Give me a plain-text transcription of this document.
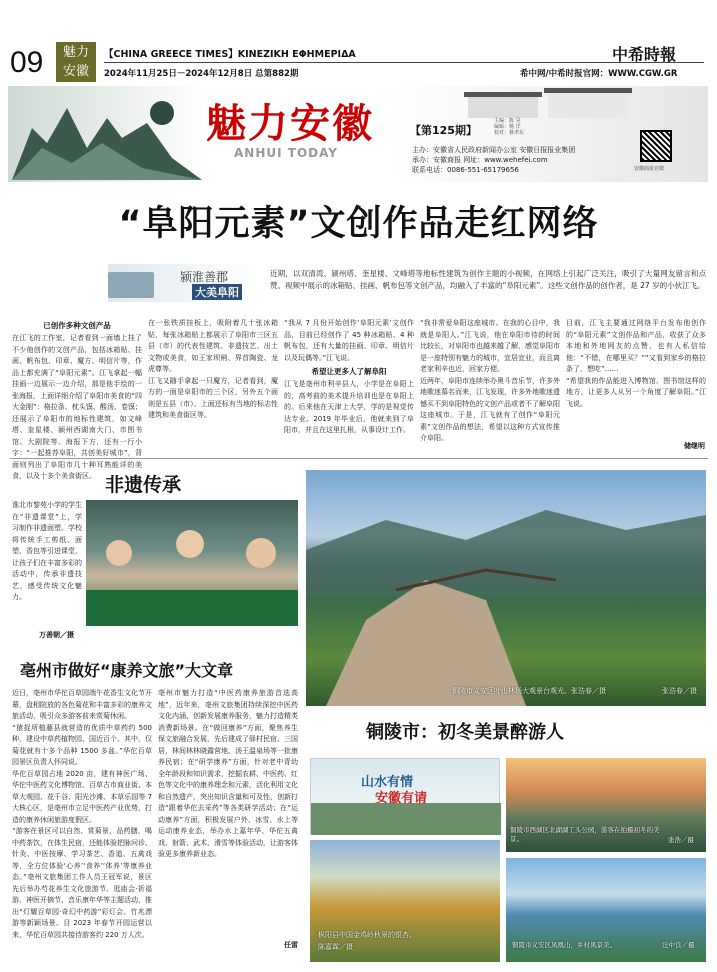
09	魅力
安徽
【CHINA GREECE TIMES】KINEZIKH EΦHMEPIΔA	中希時報
2024年11月25日－2024年12月8日 总第882期	希中网/中希时报官网：WWW.CGW.GR
魅力安徽
ANHUI TODAY
【第125期】
主编：陈 昊
编辑：杨 洋
校对：蔡孝东
主办：安徽省人民政府新闻办公室 安徽日报报业集团
承办：安徽商报 网址：www.wehefei.com
联系电话：0086-551-65179656	安徽商报官微
“阜阳元素”文创作品走红网络
颍淮善郡
大美阜阳
近期，以双清湾、颍州塔、奎星楼、文峰塔等地标性建筑为创作主题的小视频，在网络上引起广泛关注，吸引了大量网友留言和点赞。视频中展示的冰箱贴、挂画、帆布包等文创产品，均融入了丰富的“阜阳元素”。这些文创作品的创作者，是 27 岁的小伙江飞。
已创作多种文创产品

在江飞的工作室，记者看到一面墙上挂了不少他创作的文创产品，包括冰箱贴、挂画、帆布包、印章、魔方、明信片等，作品上都充满了“阜阳元素”。江飞拿起一幅挂画一边展示一边介绍，那是他手绘的一张海报，上面详细介绍了阜阳市美食的“四大金刚”：格拉条、枕头馍、酸汤、卷馍；还展示了阜阳市的地标性建筑，如文峰塔、奎星楼、颍州西湖南大门、市图书馆、大剧院等。海报下方，还有一行小字：“一起推荐阜阳，共创美好城市”，背面则列出了阜阳市几十种耳熟能详的美食，以及十多个美食街区。

在一张铁质挂板上，吸附着几十张冰箱贴，每张冰箱贴上都展示了阜阳市三区五县（市）的代表性建筑、非遗技艺、出土文物或美食，如王家坝闸、界首陶瓷、龙虎尊等。

江飞又随手拿起一只魔方，记者看到，魔方的一面是阜阳市的三个区，另外五个面则是五县（市）、上面还标有当地的标志性建筑和美食街区等。

“我从 7 月份开始创作‘阜阳元素’文创作品，目前已经创作了 45 种冰箱贴、4 种帆布包，还有大量的挂画、印章、明信片以及玩偶等。”江飞说。

希望让更多人了解阜阳

江飞是亳州市利辛县人，小学是在阜阳上的，高考前的美术提升培训也是在阜阳上的。后来他在天津上大学，学的是视觉传达专业。2019 年毕业后，他就来到了阜阳市，并且在这里扎根，从事设计工作。

“我非常爱阜阳这座城市。在我的心目中，我就是阜阳人。”江飞说，他在阜阳市待的时间比较长，对阜阳市也越来越了解，感觉阜阳市是一座特别有魅力的城市，宜居宜业，而且离老家利辛也近，回家方便。

近两年，阜阳市连续举办奥斗音乐节，许多外地歌迷慕名而来，江飞发现，许多外地歌迷遗憾买不到阜阳特色的文创产品或者不了解阜阳这座城市。于是，江飞就有了创作“阜阳元素”文创作品的想法，希望以这种方式宣传推介阜阳。

目前，江飞主要通过网络平台发布他创作的“阜阳元素”文创作品和产品，收获了众多本地和外地网友的点赞，也有人私信给他：“不错，在哪里买？”“又看到家乡的格拉条了，想吃”……

“希望我的作品能进入博物馆、图书馆这样的地方，让更多人从另一个角度了解阜阳。”江飞说。

储继明
非遗传承
淮北市黎苑小学的学生在“非遗课堂”上，学习制作非遗面塑。学校将传统手工剪纸、面塑、香包等引进课堂，让孩子们在丰富多彩的活动中，传承非遗技艺，感受传统文化魅力。
万善朝／摄
亳州市做好“康养文旅”大文章

近日，亳州市华佗百草园端午花香生文化节开幕，盘相院放的各色菊花和丰富多彩的康养文旅活动，吸引众多游客前来赏菊休闲。

“猿捉所植藤县就营造的优质中草药约 500 种，建设中草药植物园、国近百个。其中，仅菊花就有十多个品种 1500 多盆。”华佗百草园景区负责人怀同说。

华佗百草园占地 2020 亩，建有神医广场、华佗中医药文化博物馆、百草古市商业街、本草大观园、花千谷、阳光沙滩、本草乐园等 7 大核心区，是亳州市立足中医药产业优势，打造的康养休闲旅游度假区。

“游客在景区可以自然、赏菊景，品药膳，喝中药茶饮，在体生民宿，还能体验把脉问诊、针灸、中医按摩、学习茶艺、香道、五禽戏等，全方位体验‘心养’‘食养’‘体养’等康养业态。”亳州文旅集团工作人员王冠军说，景区先后举办芍花养生文化旅游节、逛庙会·祈福游、神医开摘节、音乐康年华等主题活动，推出“灯耀百草园·奇幻中药游”彩灯会、竹兆漂游等新颖场景。目 2023 年春节开园运营以来，华佗百草园共接待游客约 220 万人次。

亳州市魅力打造“中医药康养旅游首选高地”，近年来，亳州文旅集团持续深挖中医药文化内涵、创新发展康养服务，魅力打造精类消费新场景。在“做回康养”方面，聚焦养生保文旅融合发展，先后建成了驿村民宿、三国居，林间林林晓露营地、汤王温泉场等一批康养民宿；在“研学康养”方面，针对老中青幼全年龄段和知识需求，挖掘农耕、中医药、红色等文化中的康养理念和元素，活化利用文化和自然遗产，突出知识含量和可及性，创新打造“跟着华佗去采药”等各类研学活动；在“运动康养”方面，积极发展户外、冰雪、水上等运动康养业态，举办水上嘉年华、华佗五禽戏、射箭、武术、滑雪等体验活动，让游客体验更多康养新业态。

任雷
铜陵市义安区叶山林场大观景台观光。张浩春／摄	张浩春／摄
铜陵市：初冬美景醉游人
山水有情
安徽有请
铜陵市西湖区北湖湖工头公园，游客在拍摄初冬的美景。	张浩／摄
枞阳县中国金鸡岭秋景的银杏。
陈嘉霖／摄	铜陵市义安区凤凰山，乡村风景美。	汪中良／摄
